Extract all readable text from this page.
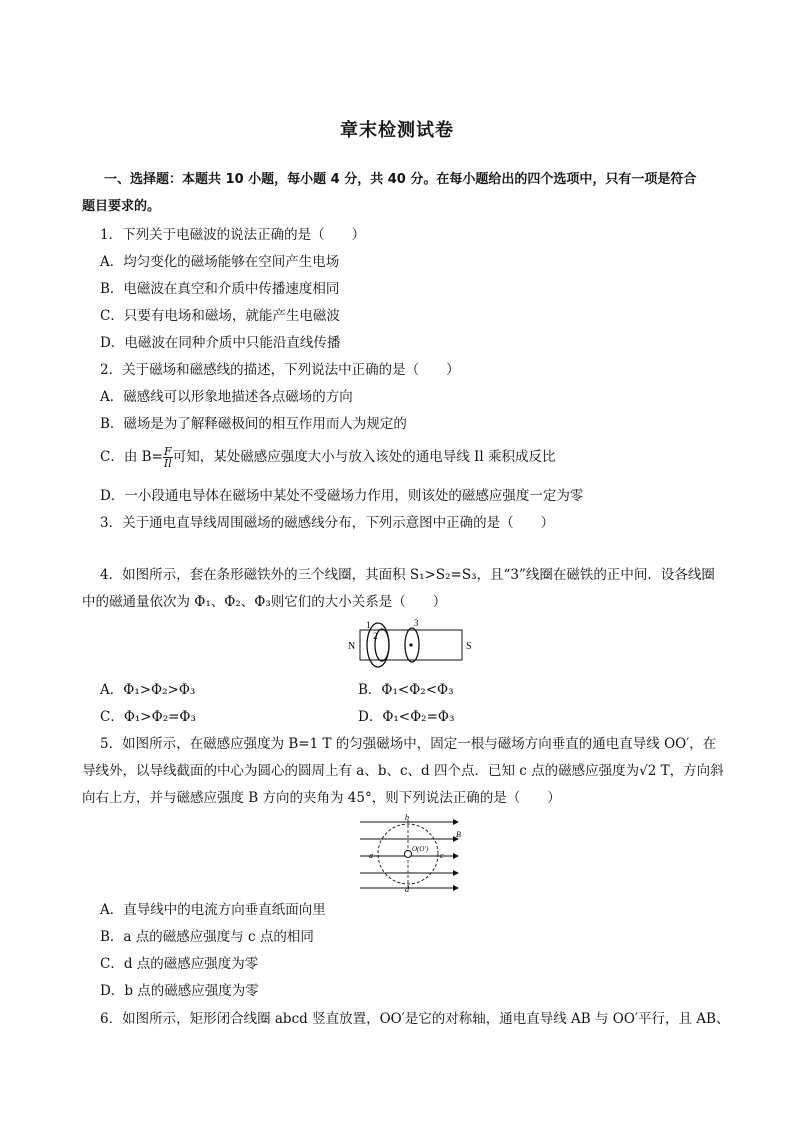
章末检测试卷
一、选择题：本题共 10 小题，每小题 4 分，共 40 分。在每小题给出的四个选项中，只有一项是符合
题目要求的。
1．下列关于电磁波的说法正确的是（　　）
A．均匀变化的磁场能够在空间产生电场
B．电磁波在真空和介质中传播速度相同
C．只要有电场和磁场，就能产生电磁波
D．电磁波在同种介质中只能沿直线传播
2．关于磁场和磁感线的描述，下列说法中正确的是（　　）
A．磁感线可以形象地描述各点磁场的方向
B．磁场是为了解释磁极间的相互作用而人为规定的
C．由 $B= \frac{F}{Il}$ 可知，某处磁感应强度大小与放入该处的通电导线 Il 乘积成反比
D．一小段通电导体在磁场中某处不受磁场力作用，则该处的磁感应强度一定为零
3．关于通电直导线周围磁场的磁感线分布，下列示意图中正确的是（　　）
4．如图所示，套在条形磁铁外的三个线圈，其面积 S₁>S₂=S₃，且“3”线圈在磁铁的正中间．设各线圈
中的磁通量依次为 Φ₁、Φ₂、Φ₃则它们的大小关系是（　　）
N	S
1
2
3
A．Φ₁>Φ₂>Φ₃	B．Φ₁<Φ₂<Φ₃
C．Φ₁>Φ₂=Φ₃	D．Φ₁<Φ₂=Φ₃
5．如图所示，在磁感应强度为 B=1 T 的匀强磁场中，固定一根与磁场方向垂直的通电直导线 OO′，在
导线外，以导线截面的中心为圆心的圆周上有 a、b、c、d 四个点．已知 c 点的磁感应强度为√2 T，方向斜
向右上方，并与磁感应强度 B 方向的夹角为 45°，则下列说法正确的是（　　）
a
b
c
d
B
O(O′)
A．直导线中的电流方向垂直纸面向里
B．a 点的磁感应强度与 c 点的相同
C．d 点的磁感应强度为零
D．b 点的磁感应强度为零
6．如图所示，矩形闭合线圈 abcd 竖直放置，OO′是它的对称轴，通电直导线 AB 与 OO′平行，且 AB、
